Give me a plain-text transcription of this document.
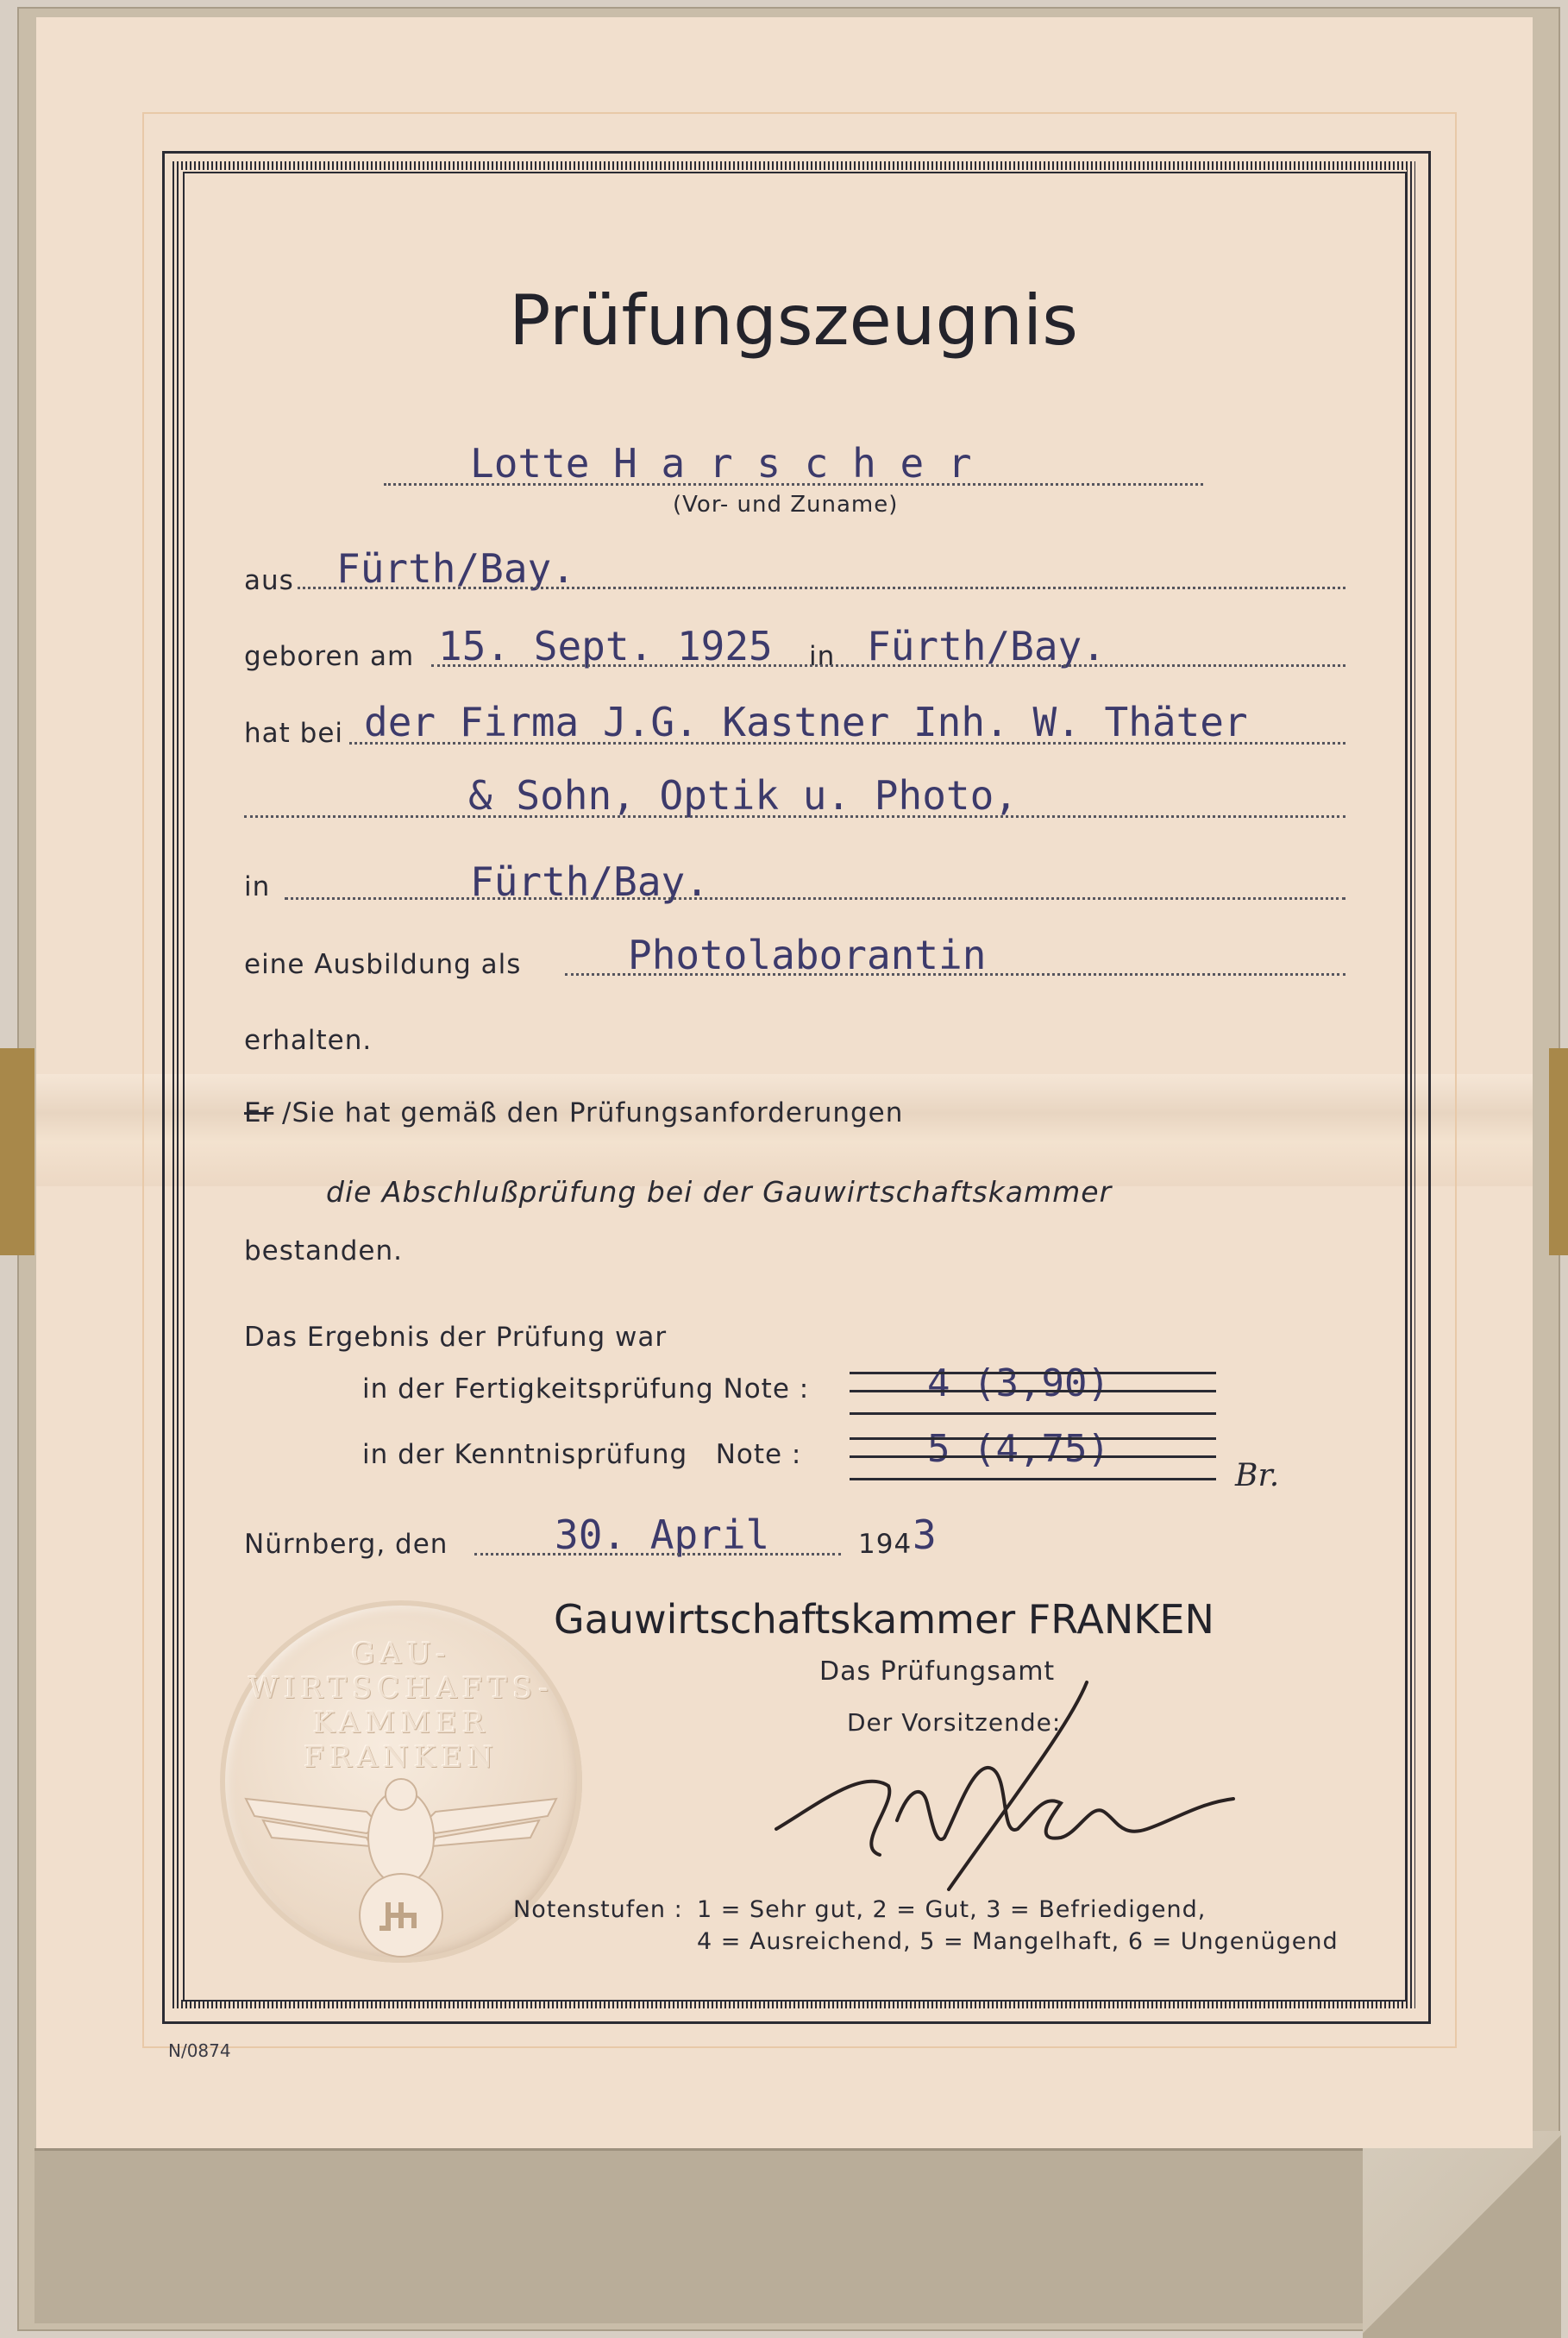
Prüfungszeugnis
Lotte H a r s c h e r
(Vor- und Zuname)
aus Fürth/Bay.
geboren am 15. Sept. 1925 in Fürth/Bay.
hat bei der Firma J.G. Kastner Inh. W. Thäter
& Sohn, Optik u. Photo,
in	Fürth/Bay.
eine Ausbildung als	Photolaborantin
erhalten.
Er /Sie hat gemäß den Prüfungsanforderungen
die Abschlußprüfung bei der Gauwirtschaftskammer
bestanden.
Das Ergebnis der Prüfung war
in der Fertigkeitsprüfung Note :	4 (3,90)
in der Kenntnisprüfung   Note :	5 (4,75)
Br.
Nürnberg, den	30. April	194 3
Gauwirtschaftskammer FRANKEN
Das Prüfungsamt
Der Vorsitzende:
GAU-
WIRTSCHAFTS-
KAMMER
FRANKEN
Maser
Notenstufen : 1 = Sehr gut, 2 = Gut, 3 = Befriedigend,
4 = Ausreichend, 5 = Mangelhaft, 6 = Ungenügend
N/0874
